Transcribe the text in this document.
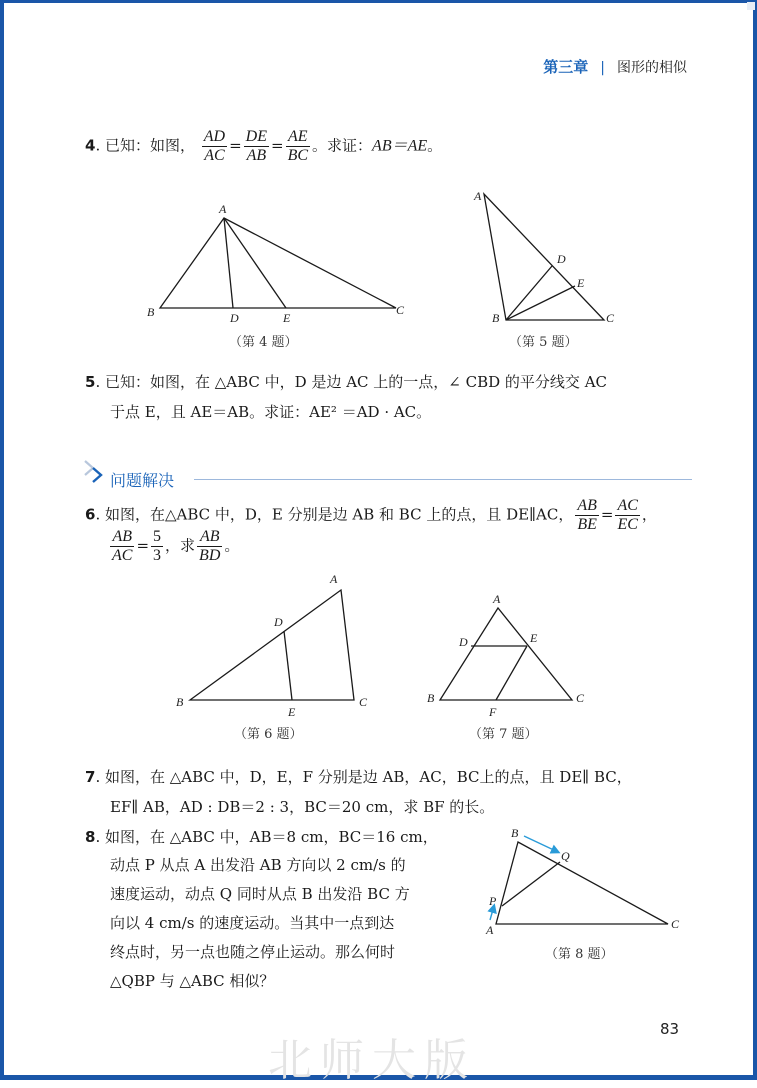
第三章 | 图形的相似
4. 已知：如图， $\frac{AD}{AC} = \frac{DE}{AB} = \frac{AE}{BC}$ 。求证：AB＝AE。
A
B	D	E
C
（第 4 题）
A
D
E
B	C
（第 5 题）
5. 已知：如图，在 △ABC 中，D 是边 AC 上的一点，∠ CBD 的平分线交 AC
于点 E，且 AE＝AB。求证：AE² ＝AD · AC。
问题解决
6. 如图，在△ABC 中，D，E 分别是边 AB 和 BC 上的点，且 DE∥AC， $\frac{AB}{BE} = \frac{AC}{EC}$ ，
$\frac{AB}{AC} = \frac{5}{3}$ ，求 $\frac{AB}{BD}$ 。
A
D
B
E
C
（第 6 题）
A
D	E
B
F
C
（第 7 题）
7. 如图，在 △ABC 中，D，E，F 分别是边 AB，AC，BC上的点，且 DE∥ BC，
EF∥ AB，AD : DB＝2 : 3，BC＝20 cm，求 BF 的长。
8. 如图，在 △ABC 中，AB＝8 cm，BC＝16 cm，
动点 P 从点 A 出发沿 AB 方向以 2 cm/s 的
速度运动，动点 Q 同时从点 B 出发沿 BC 方
向以 4 cm/s 的速度运动。当其中一点到达
终点时，另一点也随之停止运动。那么何时
△QBP 与 △ABC 相似？
B
Q
P
A	C
（第 8 题）
83
北师大版
